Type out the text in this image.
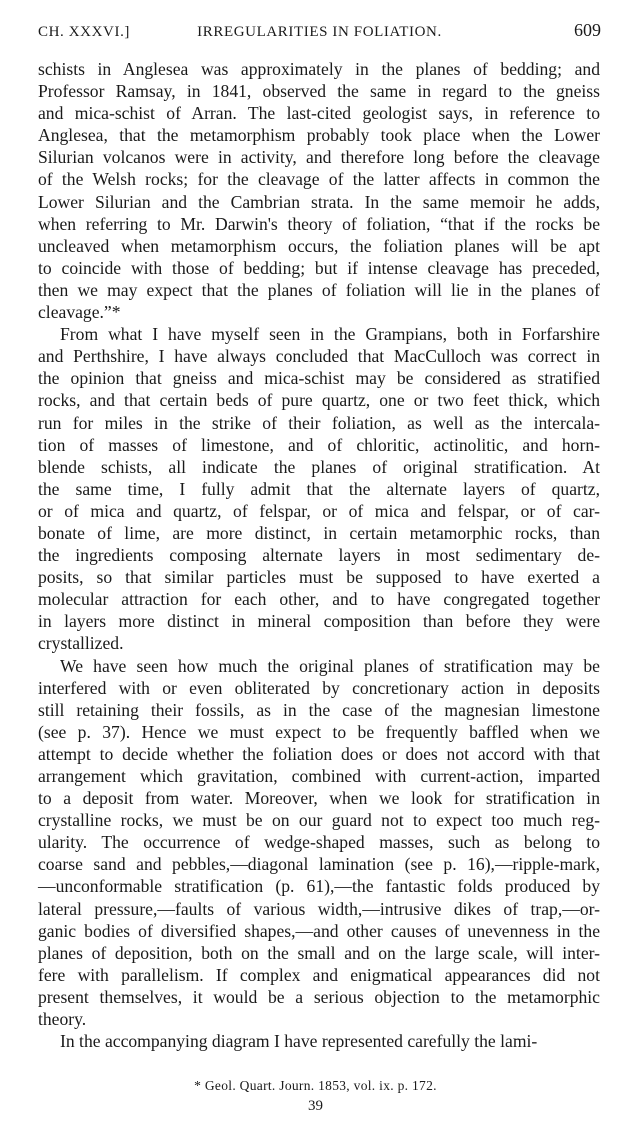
CH. XXXVI.]	IRREGULARITIES IN FOLIATION.	609
schists in Anglesea was approximately in the planes of bedding; and
Professor Ramsay, in 1841, observed the same in regard to the gneiss
and mica-schist of Arran. The last-cited geologist says, in reference to
Anglesea, that the metamorphism probably took place when the Lower
Silurian volcanos were in activity, and therefore long before the cleavage
of the Welsh rocks; for the cleavage of the latter affects in common the
Lower Silurian and the Cambrian strata. In the same memoir he adds,
when referring to Mr. Darwin's theory of foliation, “that if the rocks be
uncleaved when metamorphism occurs, the foliation planes will be apt
to coincide with those of bedding; but if intense cleavage has preceded,
then we may expect that the planes of foliation will lie in the planes of
cleavage.”*
From what I have myself seen in the Grampians, both in Forfarshire
and Perthshire, I have always concluded that MacCulloch was correct in
the opinion that gneiss and mica-schist may be considered as stratified
rocks, and that certain beds of pure quartz, one or two feet thick, which
run for miles in the strike of their foliation, as well as the intercala-
tion of masses of limestone, and of chloritic, actinolitic, and horn-
blende schists, all indicate the planes of original stratification. At
the same time, I fully admit that the alternate layers of quartz,
or of mica and quartz, of felspar, or of mica and felspar, or of car-
bonate of lime, are more distinct, in certain metamorphic rocks, than
the ingredients composing alternate layers in most sedimentary de-
posits, so that similar particles must be supposed to have exerted a
molecular attraction for each other, and to have congregated together
in layers more distinct in mineral composition than before they were
crystallized.
We have seen how much the original planes of stratification may be
interfered with or even obliterated by concretionary action in deposits
still retaining their fossils, as in the case of the magnesian limestone
(see p. 37). Hence we must expect to be frequently baffled when we
attempt to decide whether the foliation does or does not accord with that
arrangement which gravitation, combined with current-action, imparted
to a deposit from water. Moreover, when we look for stratification in
crystalline rocks, we must be on our guard not to expect too much reg-
ularity. The occurrence of wedge-shaped masses, such as belong to
coarse sand and pebbles,—diagonal lamination (see p. 16),—ripple-mark,
—unconformable stratification (p. 61),—the fantastic folds produced by
lateral pressure,—faults of various width,—intrusive dikes of trap,—or-
ganic bodies of diversified shapes,—and other causes of unevenness in the
planes of deposition, both on the small and on the large scale, will inter-
fere with parallelism. If complex and enigmatical appearances did not
present themselves, it would be a serious objection to the metamorphic
theory.
In the accompanying diagram I have represented carefully the lami-
* Geol. Quart. Journ. 1853, vol. ix. p. 172.
39
